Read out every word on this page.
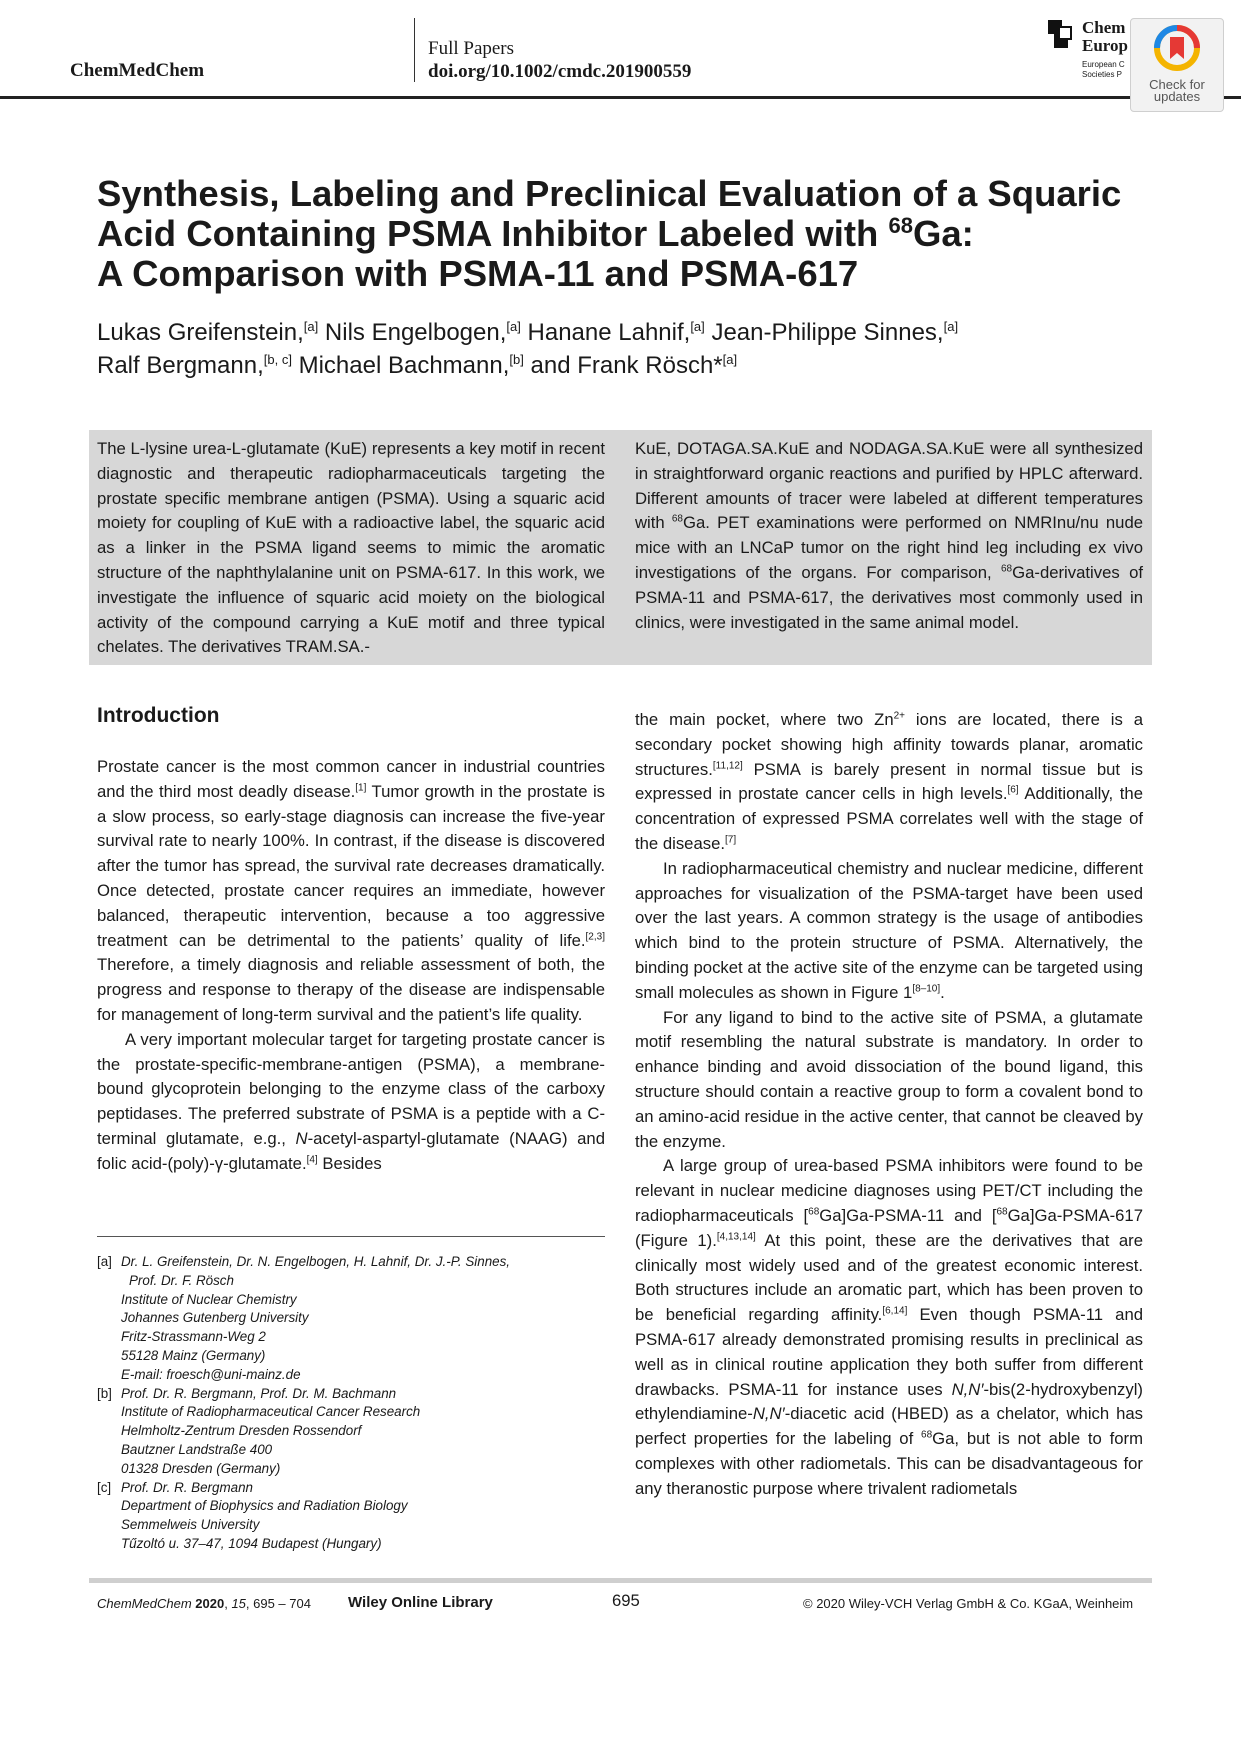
ChemMedChem
Full Papers
doi.org/10.1002/cmdc.201900559
Chem
Europ
European C
Societies P
Check for
updates
Synthesis, Labeling and Preclinical Evaluation of a Squaric
Acid Containing PSMA Inhibitor Labeled with $^{68}$Ga:
A Comparison with PSMA-11 and PSMA-617
Lukas Greifenstein,[a] Nils Engelbogen,[a] Hanane Lahnif,[a] Jean-Philippe Sinnes,[a]
Ralf Bergmann,[b, c] Michael Bachmann,[b] and Frank Rösch*[a]
The L-lysine urea-L-glutamate (KuE) represents a key motif in recent diagnostic and therapeutic radiopharmaceuticals targeting the prostate specific membrane antigen (PSMA). Using a squaric acid moiety for coupling of KuE with a radioactive label, the squaric acid as a linker in the PSMA ligand seems to mimic the aromatic structure of the naphthylalanine unit on PSMA-617. In this work, we investigate the influence of squaric acid moiety on the biological activity of the compound carrying a KuE motif and three typical chelates. The derivatives TRAM.SA.-
KuE, DOTAGA.SA.KuE and NODAGA.SA.KuE were all synthesized in straightforward organic reactions and purified by HPLC afterward. Different amounts of tracer were labeled at different temperatures with $^{68}$Ga. PET examinations were performed on NMRInu/nu nude mice with an LNCaP tumor on the right hind leg including ex vivo investigations of the organs. For comparison, $^{68}$Ga-derivatives of PSMA-11 and PSMA-617, the derivatives most commonly used in clinics, were investigated in the same animal model.
Introduction

Prostate cancer is the most common cancer in industrial countries and the third most deadly disease.[1] Tumor growth in the prostate is a slow process, so early-stage diagnosis can increase the five-year survival rate to nearly 100%. In contrast, if the disease is discovered after the tumor has spread, the survival rate decreases dramatically. Once detected, prostate cancer requires an immediate, however balanced, therapeutic intervention, because a too aggressive treatment can be detrimental to the patients’ quality of life.[2,3] Therefore, a timely diagnosis and reliable assessment of both, the progress and response to therapy of the disease are indispensable for management of long-term survival and the patient’s life quality.

A very important molecular target for targeting prostate cancer is the prostate-specific-membrane-antigen (PSMA), a membrane-bound glycoprotein belonging to the enzyme class of the carboxy peptidases. The preferred substrate of PSMA is a peptide with a C-terminal glutamate, e.g., N-acetyl-aspartyl-glutamate (NAAG) and folic acid-(poly)-γ-glutamate.[4] Besides

the main pocket, where two $Zn^{2+}$ ions are located, there is a secondary pocket showing high affinity towards planar, aromatic structures.[11,12] PSMA is barely present in normal tissue but is expressed in prostate cancer cells in high levels.[6] Additionally, the concentration of expressed PSMA correlates well with the stage of the disease.[7]

In radiopharmaceutical chemistry and nuclear medicine, different approaches for visualization of the PSMA-target have been used over the last years. A common strategy is the usage of antibodies which bind to the protein structure of PSMA. Alternatively, the binding pocket at the active site of the enzyme can be targeted using small molecules as shown in Figure 1[8–10].

For any ligand to bind to the active site of PSMA, a glutamate motif resembling the natural substrate is mandatory. In order to enhance binding and avoid dissociation of the bound ligand, this structure should contain a reactive group to form a covalent bond to an amino-acid residue in the active center, that cannot be cleaved by the enzyme.

A large group of urea-based PSMA inhibitors were found to be relevant in nuclear medicine diagnoses using PET/CT including the radiopharmaceuticals [$^{68}$Ga]Ga-PSMA-11 and [$^{68}$Ga]Ga-PSMA-617 (Figure 1).[4,13,14] At this point, these are the derivatives that are clinically most widely used and of the greatest economic interest. Both structures include an aromatic part, which has been proven to be beneficial regarding affinity.[6,14] Even though PSMA-11 and PSMA-617 already demonstrated promising results in preclinical as well as in clinical routine application they both suffer from different drawbacks. PSMA-11 for instance uses N,N′-bis(2-hydroxybenzyl) ethylendiamine-N,N′-diacetic acid (HBED) as a chelator, which has perfect properties for the labeling of $^{68}$Ga, but is not able to form complexes with other radiometals. This can be disadvantageous for any theranostic purpose where trivalent radiometals

[a] Dr. L. Greifenstein, Dr. N. Engelbogen, H. Lahnif, Dr. J.-P. Sinnes,
Prof. Dr. F. Rösch
Institute of Nuclear Chemistry
Johannes Gutenberg University
Fritz-Strassmann-Weg 2
55128 Mainz (Germany)
E-mail: froesch@uni-mainz.de
[b] Prof. Dr. R. Bergmann, Prof. Dr. M. Bachmann
Institute of Radiopharmaceutical Cancer Research
Helmholtz-Zentrum Dresden Rossendorf
Bautzner Landstraße 400
01328 Dresden (Germany)
[c] Prof. Dr. R. Bergmann
Department of Biophysics and Radiation Biology
Semmelweis University
Tűzoltó u. 37–47, 1094 Budapest (Hungary)
ChemMedChem 2020, 15, 695 – 704 Wiley Online Library	695	© 2020 Wiley-VCH Verlag GmbH & Co. KGaA, Weinheim
